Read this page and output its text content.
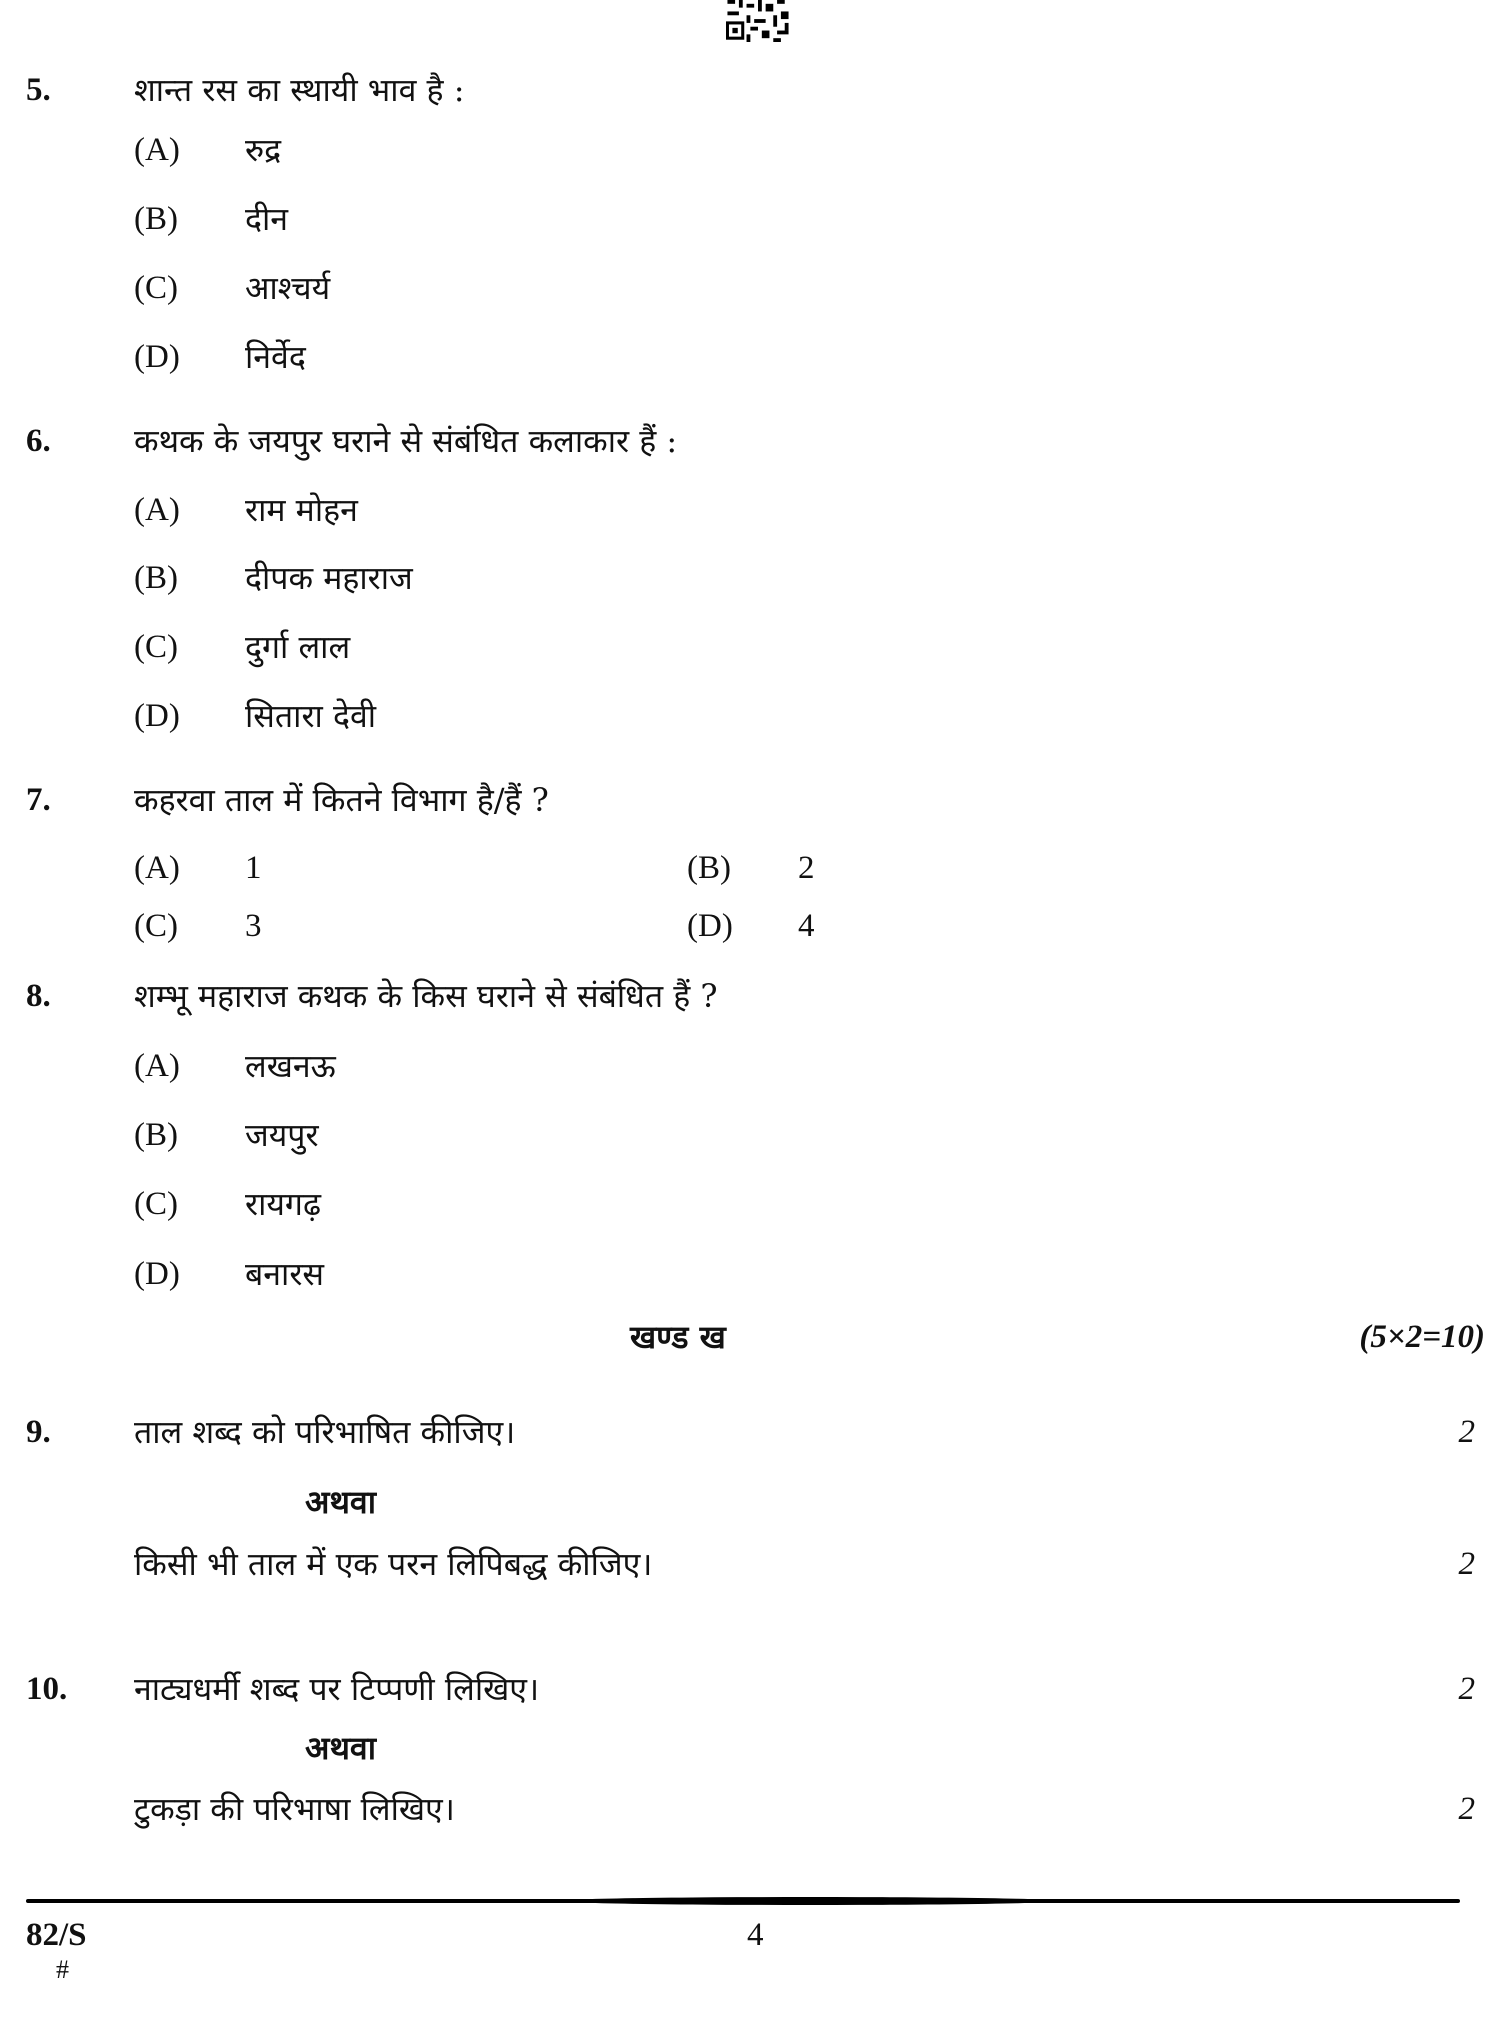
5.	शान्त रस का स्थायी भाव है :
(A) रुद्र
(B) दीन
(C) आश्चर्य
(D) निर्वेद
6.	कथक के जयपुर घराने से संबंधित कलाकार हैं :
(A) राम मोहन
(B) दीपक महाराज
(C) दुर्गा लाल
(D) सितारा देवी
7.	कहरवा ताल में कितने विभाग है/हैं ?
(A) 1	(B) 2
(C) 3	(D) 4
8.	शम्भू महाराज कथक के किस घराने से संबंधित हैं ?
(A) लखनऊ
(B) जयपुर
(C) रायगढ़
(D) बनारस
खण्ड ख	(5×2=10)
9.	ताल शब्द को परिभाषित कीजिए।	2
अथवा
किसी भी ताल में एक परन लिपिबद्ध कीजिए।	2
10. नाट्यधर्मी शब्द पर टिप्पणी लिखिए।	2
अथवा
टुकड़ा की परिभाषा लिखिए।	2
82/S
#
4
